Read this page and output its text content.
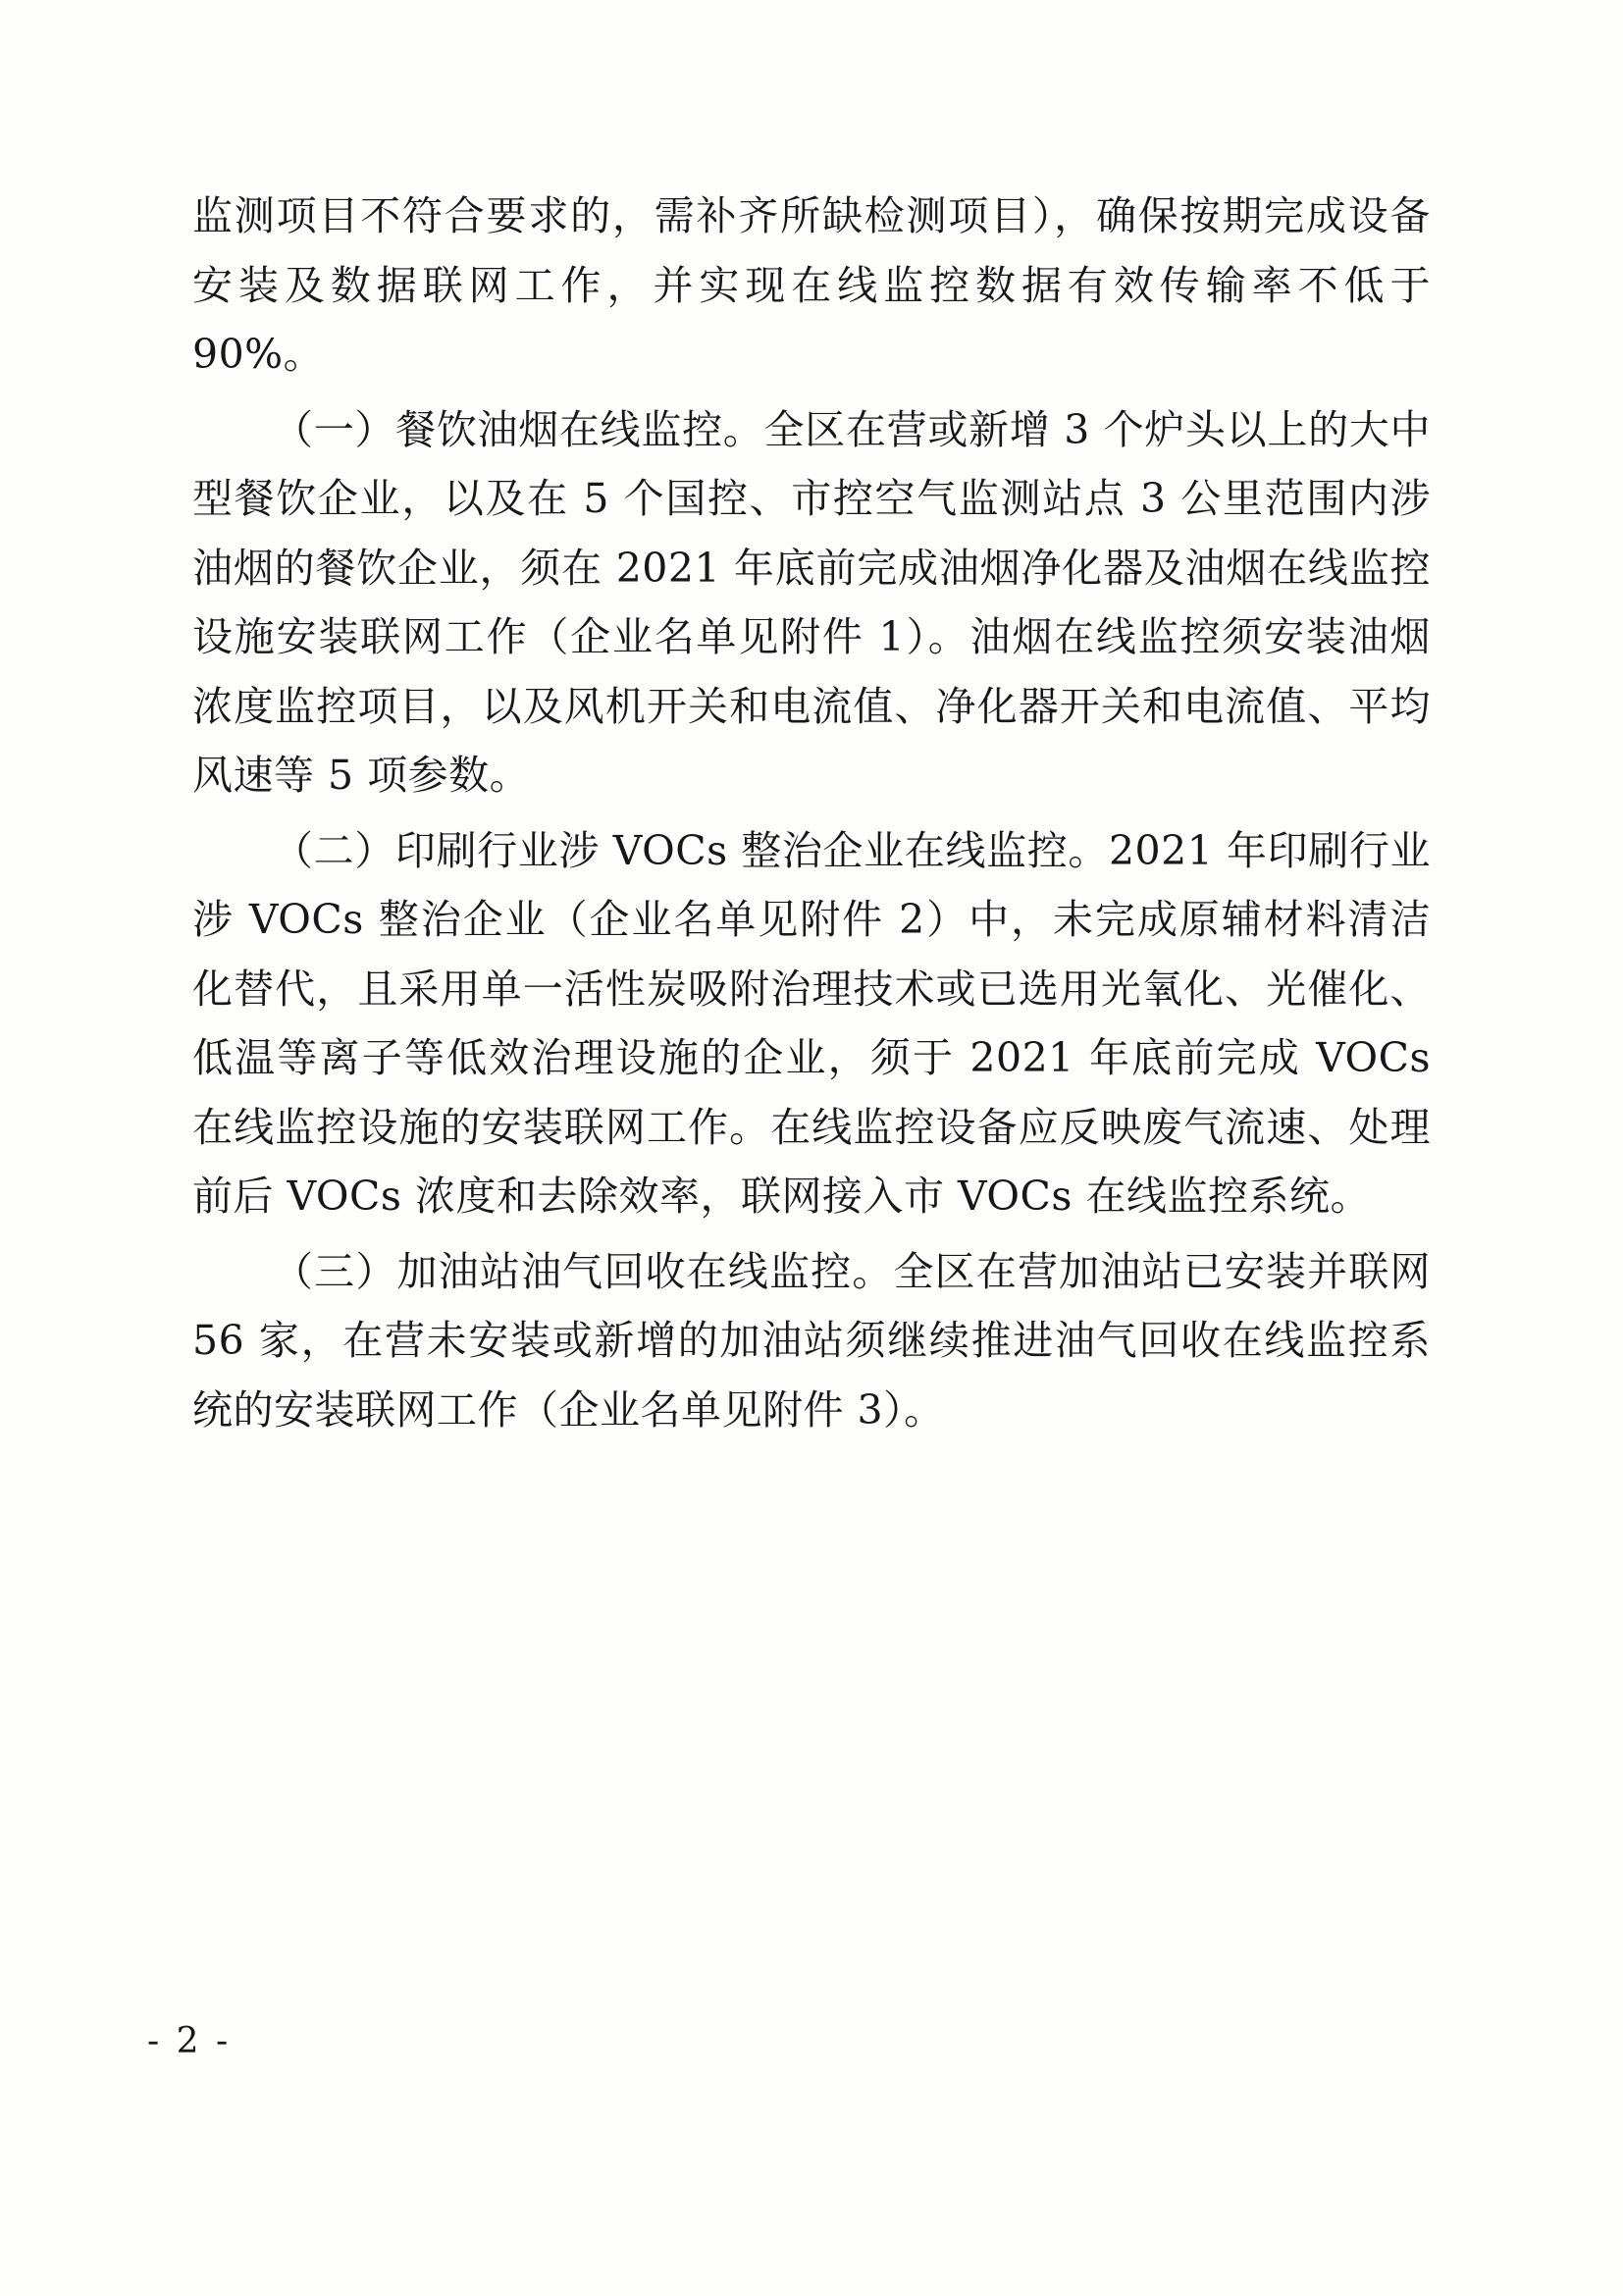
监测项目不符合要求的，需补齐所缺检测项目），确保按期完成设备安装及数据联网工作，并实现在线监控数据有效传输率不低于 90%。

（一）餐饮油烟在线监控。全区在营或新增 3 个炉头以上的大中型餐饮企业，以及在 5 个国控、市控空气监测站点 3 公里范围内涉油烟的餐饮企业，须在 2021 年底前完成油烟净化器及油烟在线监控设施安装联网工作（企业名单见附件 1）。油烟在线监控须安装油烟浓度监控项目，以及风机开关和电流值、净化器开关和电流值、平均风速等 5 项参数。

（二）印刷行业涉 VOCs 整治企业在线监控。2021 年印刷行业涉 VOCs 整治企业（企业名单见附件 2）中，未完成原辅材料清洁化替代，且采用单一活性炭吸附治理技术或已选用光氧化、光催化、低温等离子等低效治理设施的企业，须于 2021 年底前完成 VOCs 在线监控设施的安装联网工作。在线监控设备应反映废气流速、处理前后 VOCs 浓度和去除效率，联网接入市 VOCs 在线监控系统。

（三）加油站油气回收在线监控。全区在营加油站已安装并联网 56 家，在营未安装或新增的加油站须继续推进油气回收在线监控系统的安装联网工作（企业名单见附件 3）。

- 2 -
